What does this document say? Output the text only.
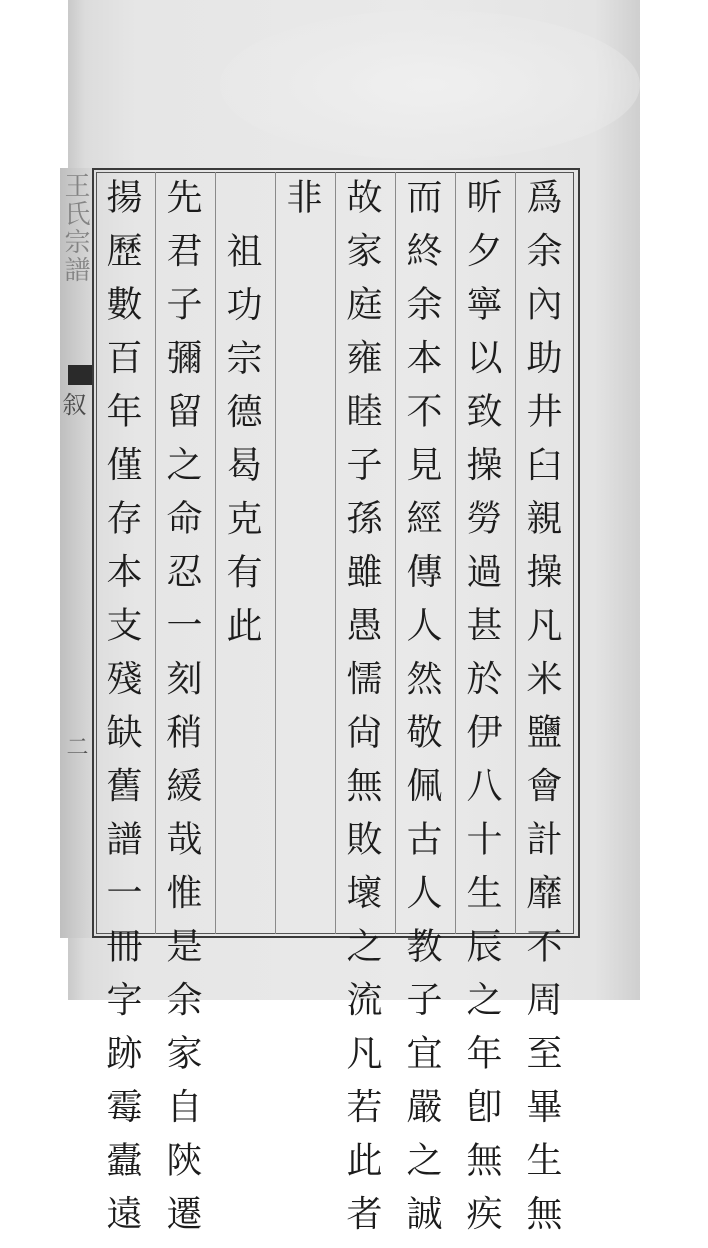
王氏宗譜
叙
二	爲余內助井臼親操凡米鹽會計靡不周至畢生無
昕夕寧以致操勞過甚於伊八十生辰之年卽無疾
而終余本不見經傳人然敬佩古人教子宜嚴之誠
故家庭雍睦子孫雖愚懦尙無敗壞之流凡若此者
非
祖功宗德曷克有此
先君子彌留之命忍一刻稍緩哉惟是余家自陝遷
揚歷數百年僅存本支殘缺舊譜一冊字跡霉蠹遠
